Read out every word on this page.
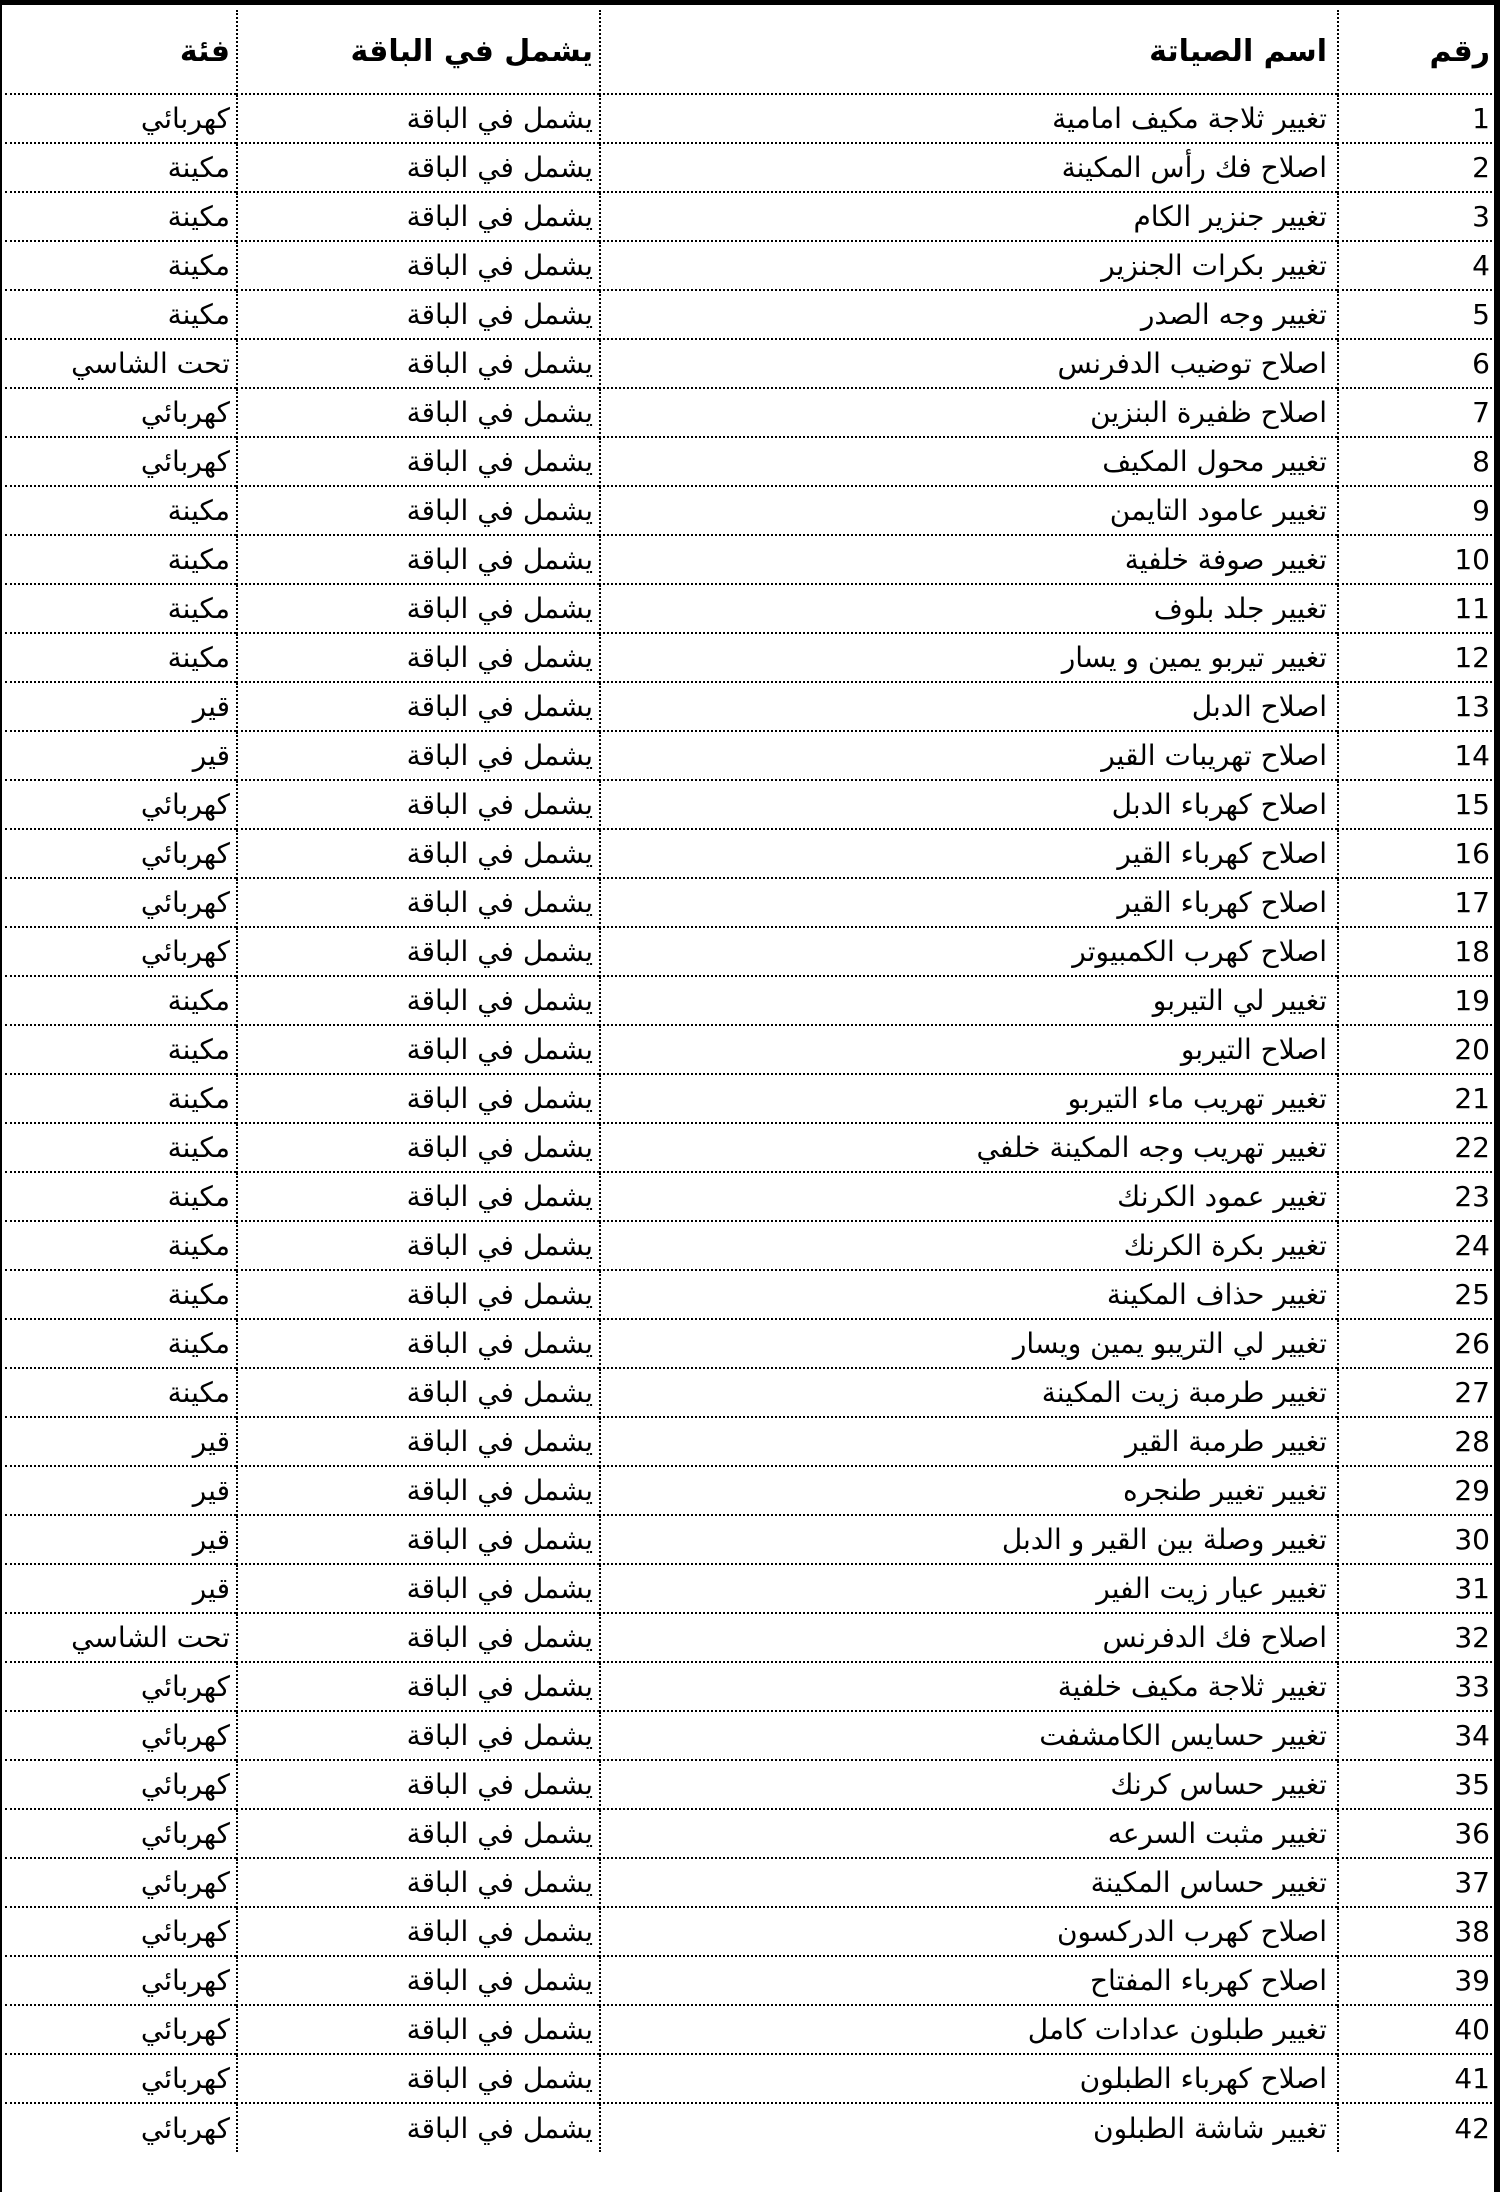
رقم	اسم الصياتة	يشمل في الباقة	فئة
1	تغيير ثلاجة مكيف امامية	يشمل في الباقة	كهربائي
2	اصلاح فك رأس المكينة	يشمل في الباقة	مكينة
3	تغيير جنزير الكام	يشمل في الباقة	مكينة
4	تغيير بكرات الجنزير	يشمل في الباقة	مكينة
5	تغيير وجه الصدر	يشمل في الباقة	مكينة
6	اصلاح توضيب الدفرنس	يشمل في الباقة	تحت الشاسي
7	اصلاح ظفيرة البنزين	يشمل في الباقة	كهربائي
8	تغيير محول المكيف	يشمل في الباقة	كهربائي
9	تغيير عامود التايمن	يشمل في الباقة	مكينة
10	تغيير صوفة خلفية	يشمل في الباقة	مكينة
11	تغيير جلد بلوف	يشمل في الباقة	مكينة
12	تغيير تيربو يمين و يسار	يشمل في الباقة	مكينة
13	اصلاح الدبل	يشمل في الباقة	قير
14	اصلاح تهريبات القير	يشمل في الباقة	قير
15	اصلاح كهرباء الدبل	يشمل في الباقة	كهربائي
16	اصلاح كهرباء القير	يشمل في الباقة	كهربائي
17	اصلاح كهرباء القير	يشمل في الباقة	كهربائي
18	اصلاح كهرب الكمبيوتر	يشمل في الباقة	كهربائي
19	تغيير لي التيربو	يشمل في الباقة	مكينة
20	اصلاح التيربو	يشمل في الباقة	مكينة
21	تغيير تهريب ماء التيربو	يشمل في الباقة	مكينة
22	تغيير تهريب وجه المكينة خلفي	يشمل في الباقة	مكينة
23	تغيير عمود الكرنك	يشمل في الباقة	مكينة
24	تغيير بكرة الكرنك	يشمل في الباقة	مكينة
25	تغيير حذاف المكينة	يشمل في الباقة	مكينة
26	تغيير لي التريبو يمين ويسار	يشمل في الباقة	مكينة
27	تغيير طرمبة زيت المكينة	يشمل في الباقة	مكينة
28	تغيير طرمبة القير	يشمل في الباقة	قير
29	تغيير تغيير طنجره	يشمل في الباقة	قير
30	تغيير وصلة بين القير و الدبل	يشمل في الباقة	قير
31	تغيير عيار زيت الفير	يشمل في الباقة	قير
32	اصلاح فك الدفرنس	يشمل في الباقة	تحت الشاسي
33	تغيير ثلاجة مكيف خلفية	يشمل في الباقة	كهربائي
34	تغيير حسايس الكامشفت	يشمل في الباقة	كهربائي
35	تغيير حساس كرنك	يشمل في الباقة	كهربائي
36	تغيير مثبت السرعه	يشمل في الباقة	كهربائي
37	تغيير حساس المكينة	يشمل في الباقة	كهربائي
38	اصلاح كهرب الدركسون	يشمل في الباقة	كهربائي
39	اصلاح كهرباء المفتاح	يشمل في الباقة	كهربائي
40	تغيير طبلون عدادات كامل	يشمل في الباقة	كهربائي
41	اصلاح كهرباء الطبلون	يشمل في الباقة	كهربائي
42	تغيير شاشة الطبلون	يشمل في الباقة	كهربائي
